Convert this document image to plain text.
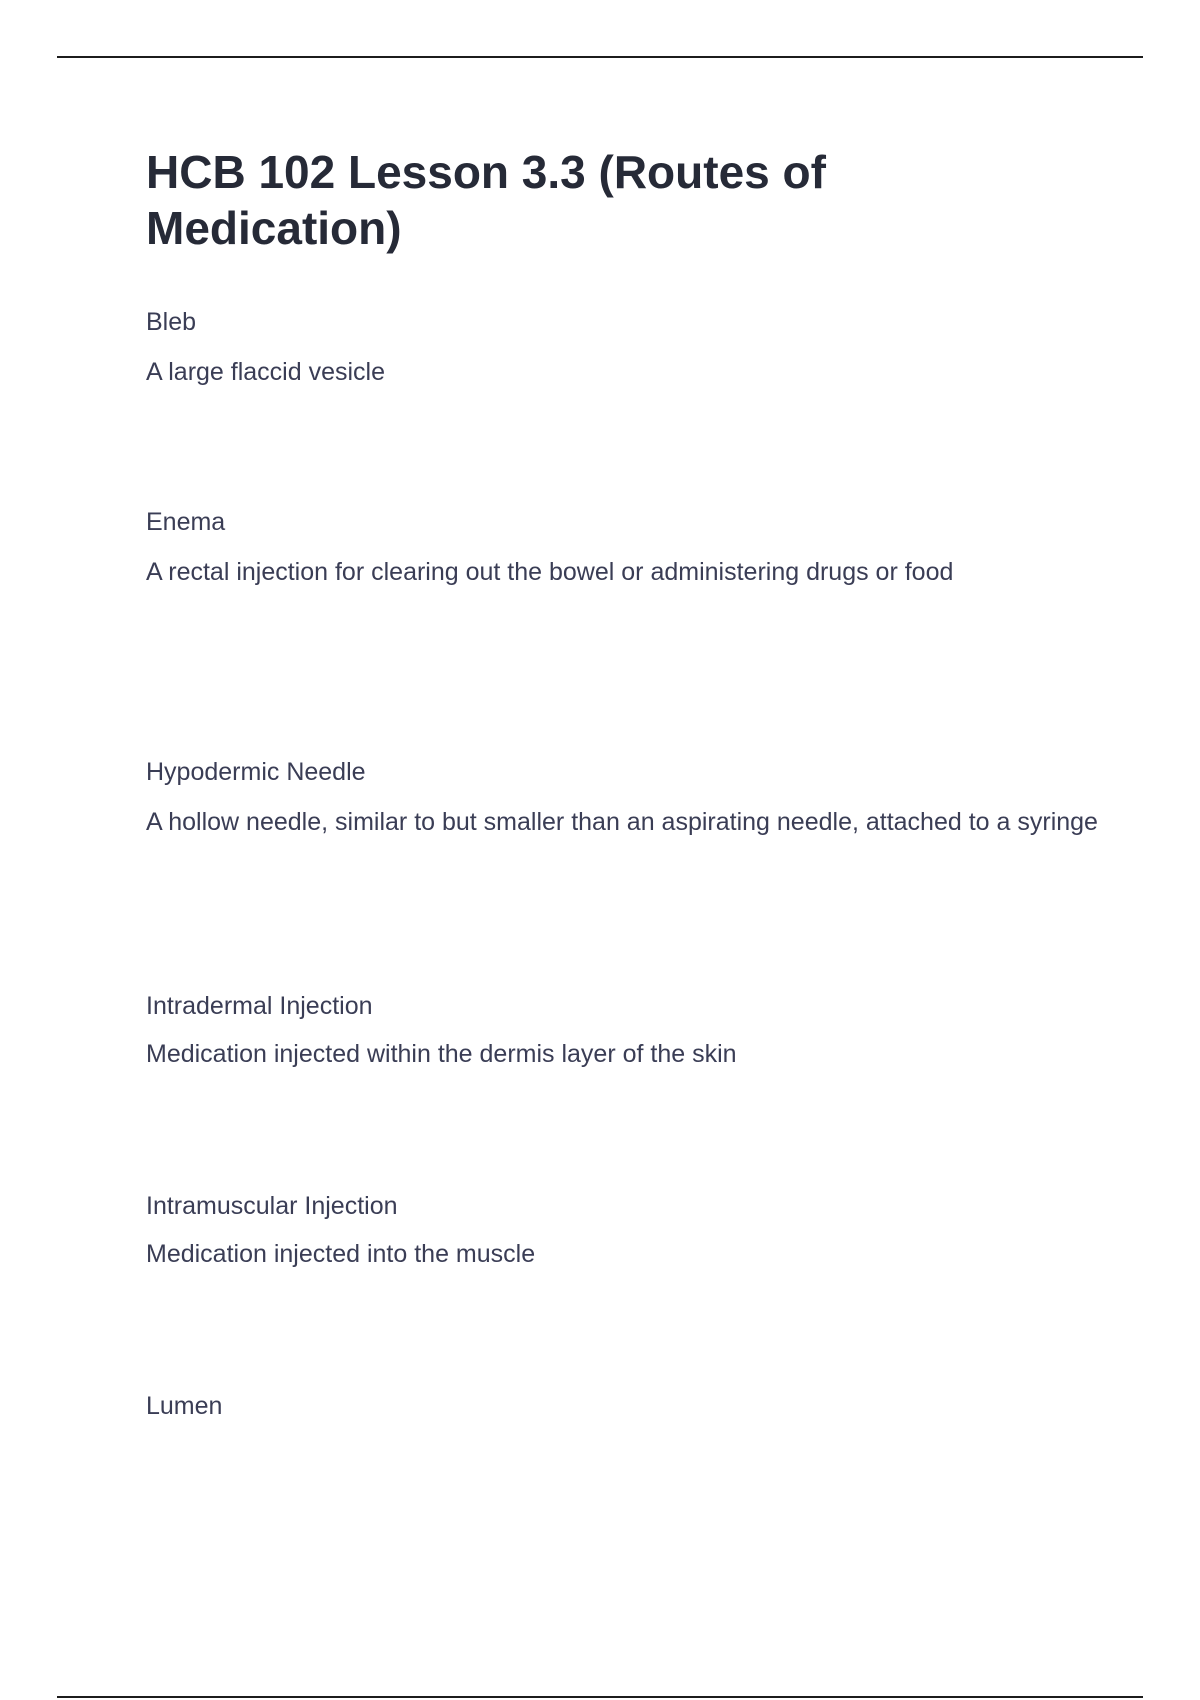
HCB 102 Lesson 3.3 (Routes of Medication)

Bleb

A large flaccid vesicle

Enema

A rectal injection for clearing out the bowel or administering drugs or food

Hypodermic Needle

A hollow needle, similar to but smaller than an aspirating needle, attached to a syringe

Intradermal Injection

Medication injected within the dermis layer of the skin

Intramuscular Injection

Medication injected into the muscle

Lumen
